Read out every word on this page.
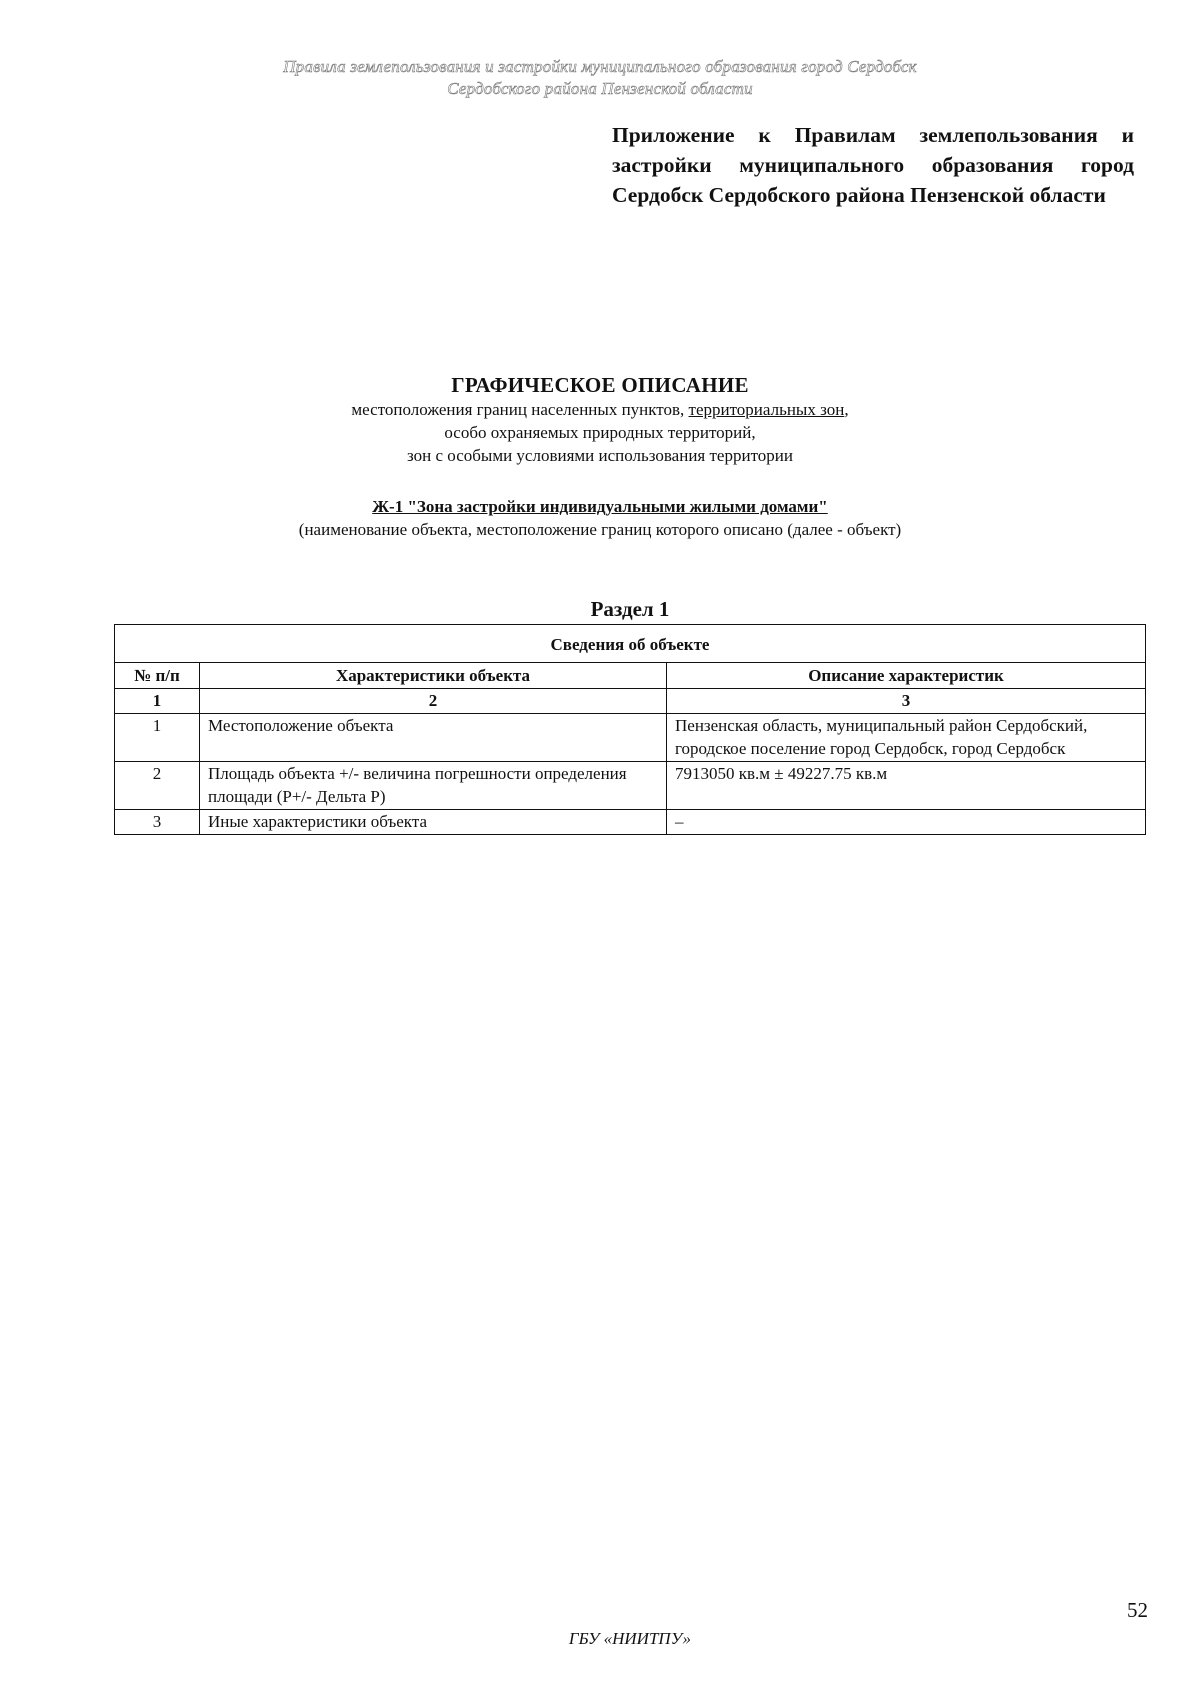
Правила землепользования и застройки муниципального образования город Сердобск
Сердобского района Пензенской области
Приложение к Правилам землепользования и застройки муниципального образования город Сердобск Сердобского района Пензенской области
ГРАФИЧЕСКОЕ ОПИСАНИЕ
местоположения границ населенных пунктов, территориальных зон,
особо охраняемых природных территорий,
зон с особыми условиями использования территории
Ж-1 "Зона застройки индивидуальными жилыми домами"
(наименование объекта, местоположение границ которого описано (далее - объект)
Раздел 1
Сведения об объекте		
№ п/п	Характеристики объекта	Описание характеристик
1	2	3
1	Местоположение объекта	Пензенская область, муниципальный район Сердобский, городское поселение город Сердобск, город Сердобск
2	Площадь объекта +/- величина погрешности определения площади (Р+/- Дельта Р)	7913050 кв.м ± 49227.75 кв.м
3	Иные характеристики объекта	–
52
ГБУ «НИИТПУ»
